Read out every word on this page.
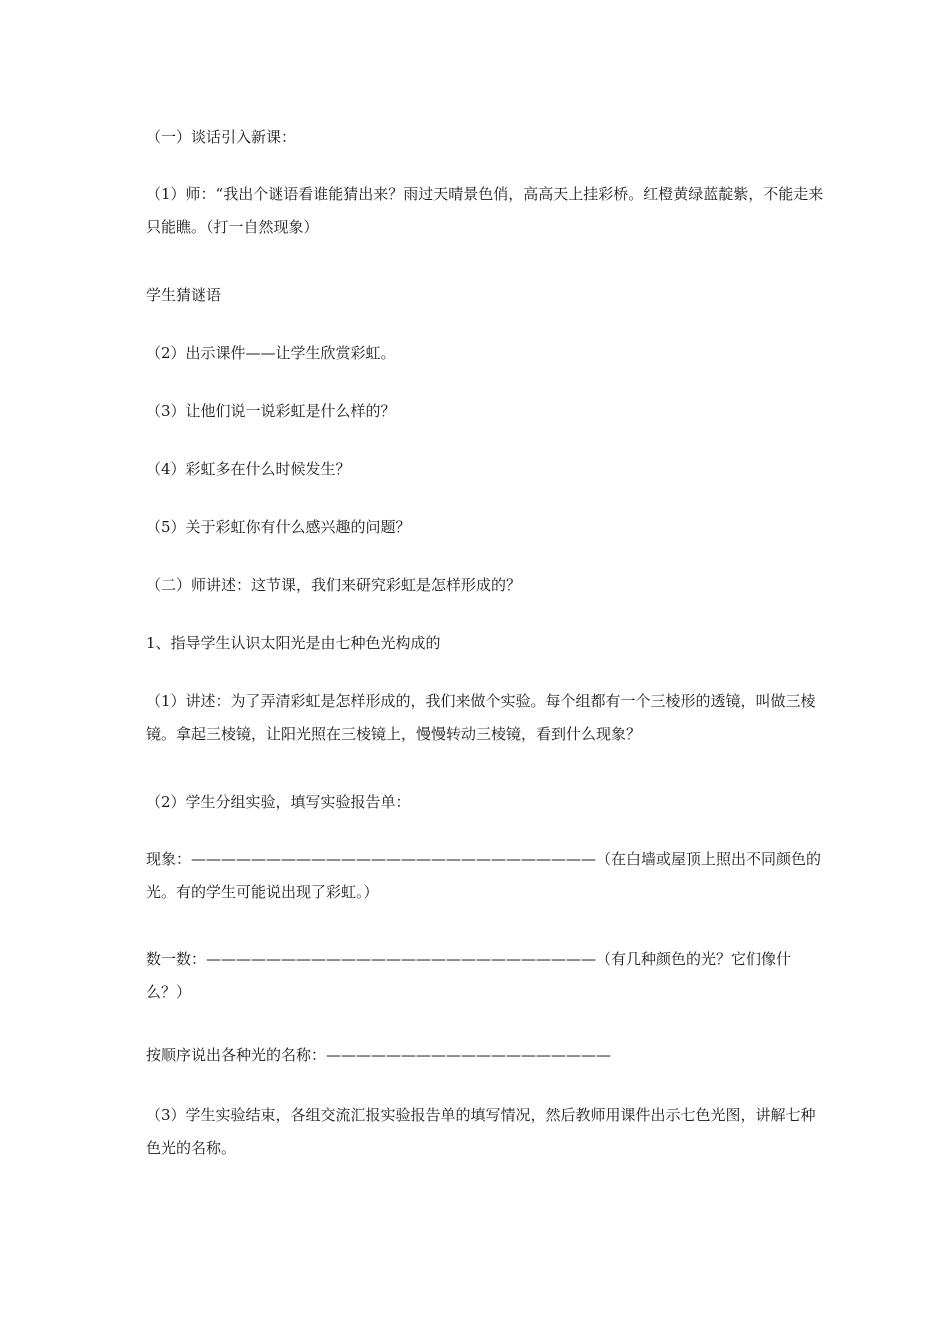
（一）谈话引入新课：

（1）师：“我出个谜语看谁能猜出来？雨过天晴景色俏，高高天上挂彩桥。红橙黄绿蓝靛紫，不能走来只能瞧。（打一自然现象）

学生猜谜语

（2）出示课件——让学生欣赏彩虹。

（3）让他们说一说彩虹是什么样的？

（4）彩虹多在什么时候发生？

（5）关于彩虹你有什么感兴趣的问题？

（二）师讲述：这节课，我们来研究彩虹是怎样形成的？

1、指导学生认识太阳光是由七种色光构成的

（1）讲述：为了弄清彩虹是怎样形成的，我们来做个实验。每个组都有一个三棱形的透镜，叫做三棱镜。拿起三棱镜，让阳光照在三棱镜上，慢慢转动三棱镜，看到什么现象？

（2）学生分组实验，填写实验报告单：

现象：———————————————————————————（在白墙或屋顶上照出不同颜色的光。有的学生可能说出现了彩虹。）

数一数：——————————————————————————（有几种颜色的光？它们像什么？）

按顺序说出各种光的名称：———————————————————

（3）学生实验结束，各组交流汇报实验报告单的填写情况，然后教师用课件出示七色光图，讲解七种色光的名称。
